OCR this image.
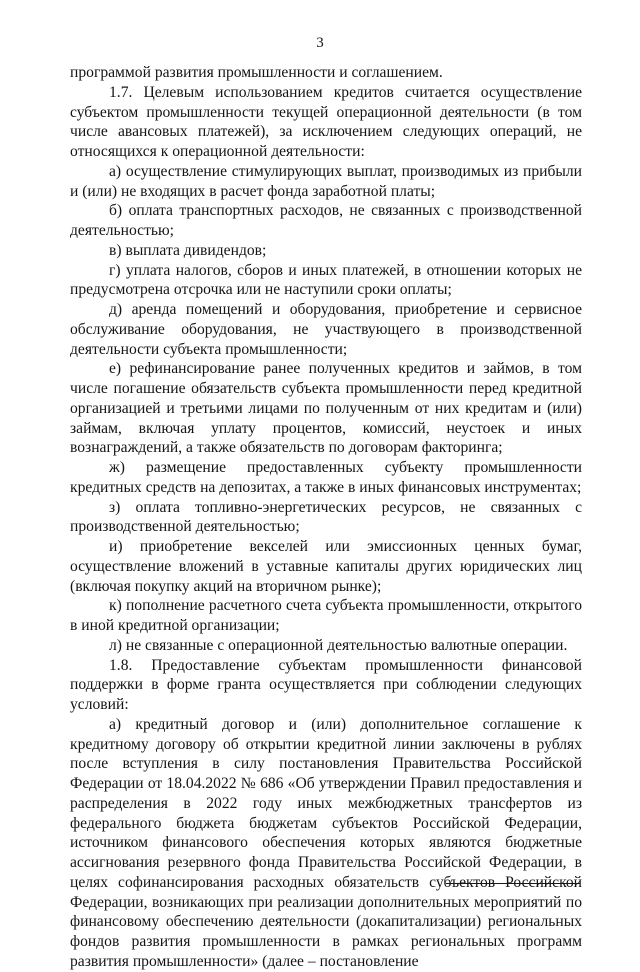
3

программой развития промышленности и соглашением.

1.7. Целевым использованием кредитов считается осуществление субъектом промышленности текущей операционной деятельности (в том числе авансовых платежей), за исключением следующих операций, не относящихся к операционной деятельности:

а) осуществление стимулирующих выплат, производимых из прибыли и (или) не входящих в расчет фонда заработной платы;

б) оплата транспортных расходов, не связанных с производственной деятельностью;

в) выплата дивидендов;

г) уплата налогов, сборов и иных платежей, в отношении которых не предусмотрена отсрочка или не наступили сроки оплаты;

д) аренда помещений и оборудования, приобретение и сервисное обслуживание оборудования, не участвующего в производственной деятельности субъекта промышленности;

е) рефинансирование ранее полученных кредитов и займов, в том числе погашение обязательств субъекта промышленности перед кредитной организацией и третьими лицами по полученным от них кредитам и (или) займам, включая уплату процентов, комиссий, неустоек и иных вознаграждений, а также обязательств по договорам факторинга;

ж) размещение предоставленных субъекту промышленности кредитных средств на депозитах, а также в иных финансовых инструментах;

з) оплата топливно-энергетических ресурсов, не связанных с производственной деятельностью;

и) приобретение векселей или эмиссионных ценных бумаг, осуществление вложений в уставные капиталы других юридических лиц (включая покупку акций на вторичном рынке);

к) пополнение расчетного счета субъекта промышленности, открытого в иной кредитной организации;

л) не связанные с операционной деятельностью валютные операции.

1.8. Предоставление субъектам промышленности финансовой поддержки в форме гранта осуществляется при соблюдении следующих условий:

а) кредитный договор и (или) дополнительное соглашение к кредитному договору об открытии кредитной линии заключены в рублях после вступления в силу постановления Правительства Российской Федерации от 18.04.2022 № 686 «Об утверждении Правил предоставления и распределения в 2022 году иных межбюджетных трансфертов из федерального бюджета бюджетам субъектов Российской Федерации, источником финансового обеспечения которых являются бюджетные ассигнования резервного фонда Правительства Российской Федерации, в целях софинансирования расходных обязательств субъектов Российской Федерации, возникающих при реализации дополнительных мероприятий по финансовому обеспечению деятельности (докапитализации) региональных фондов развития промышленности в рамках региональных программ развития промышленности» (далее – постановление
